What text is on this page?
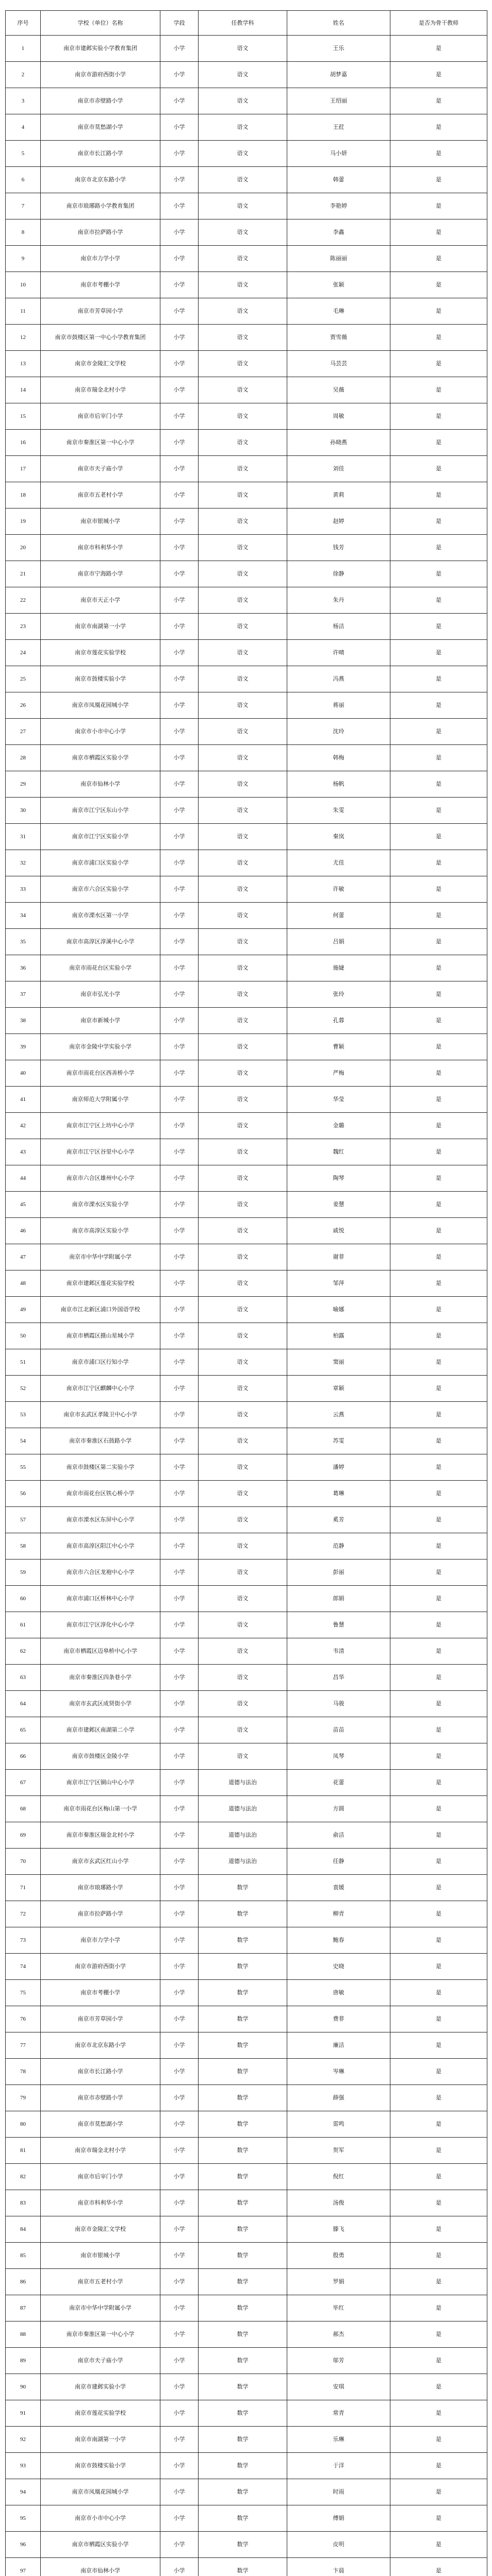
序号	学校（单位）名称	学段	任教学科	姓名	是否为骨干教师
1	南京市建邺实验小学教育集团	小学	语文	王乐	是
2	南京市游府西街小学	小学	语文	胡梦嘉	是
3	南京市赤壁路小学	小学	语文	王绍丽	是
4	南京市莫愁湖小学	小学	语文	王荭	是
5	南京市长江路小学	小学	语文	马小妍	是
6	南京市北京东路小学	小学	语文	韩蕾	是
7	南京市琅琊路小学教育集团	小学	语文	李艳婷	是
8	南京市拉萨路小学	小学	语文	李鑫	是
9	南京市力学小学	小学	语文	陈丽丽	是
10	南京市考棚小学	小学	语文	张颖	是
11	南京市芳草园小学	小学	语文	毛琳	是
12	南京市鼓楼区第一中心小学教育集团	小学	语文	贾雪薇	是
13	南京市金陵汇文学校	小学	语文	马芸芸	是
14	南京市瑞金北村小学	小学	语文	吴薇	是
15	南京市后宰门小学	小学	语文	周敏	是
16	南京市秦淮区第一中心小学	小学	语文	孙晓燕	是
17	南京市夫子庙小学	小学	语文	刘佳	是
18	南京市五老村小学	小学	语文	黄莉	是
19	南京市银城小学	小学	语文	赵婷	是
20	南京市科利华小学	小学	语文	钱芳	是
21	南京市宁海路小学	小学	语文	徐静	是
22	南京市天正小学	小学	语文	朱丹	是
23	南京市南湖第一小学	小学	语文	杨洁	是
24	南京市莲花实验学校	小学	语文	许晴	是
25	南京市鼓楼实验小学	小学	语文	冯燕	是
26	南京市凤凰花园城小学	小学	语文	蒋丽	是
27	南京市小市中心小学	小学	语文	沈玲	是
28	南京市栖霞区实验小学	小学	语文	韩梅	是
29	南京市仙林小学	小学	语文	杨帆	是
30	南京市江宁区东山小学	小学	语文	朱雯	是
31	南京市江宁区实验小学	小学	语文	秦岚	是
32	南京市浦口区实验小学	小学	语文	尤佳	是
33	南京市六合区实验小学	小学	语文	许敏	是
34	南京市溧水区第一小学	小学	语文	何蕾	是
35	南京市高淳区淳溪中心小学	小学	语文	吕娟	是
36	南京市雨花台区实验小学	小学	语文	施婕	是
37	南京市弘光小学	小学	语文	张玲	是
38	南京市新城小学	小学	语文	孔蓉	是
39	南京市金陵中学实验小学	小学	语文	曹颖	是
40	南京市雨花台区西善桥小学	小学	语文	严梅	是
41	南京师范大学附属小学	小学	语文	华莹	是
42	南京市江宁区上坊中心小学	小学	语文	金璐	是
43	南京市江宁区谷里中心小学	小学	语文	魏红	是
44	南京市六合区雄州中心小学	小学	语文	陶琴	是
45	南京市溧水区实验小学	小学	语文	姜慧	是
46	南京市高淳区实验小学	小学	语文	戚悦	是
47	南京市中华中学附属小学	小学	语文	谢菲	是
48	南京市建邺区莲花实验学校	小学	语文	邹萍	是
49	南京市江北新区浦口外国语学校	小学	语文	喻娜	是
50	南京市栖霞区摄山星城小学	小学	语文	柏露	是
51	南京市浦口区行知小学	小学	语文	窦丽	是
52	南京市江宁区麒麟中心小学	小学	语文	章颖	是
53	南京市玄武区孝陵卫中心小学	小学	语文	云燕	是
54	南京市秦淮区石鼓路小学	小学	语文	苏雯	是
55	南京市鼓楼区第二实验小学	小学	语文	潘婷	是
56	南京市雨花台区铁心桥小学	小学	语文	葛琳	是
57	南京市溧水区东屏中心小学	小学	语文	奚芳	是
58	南京市高淳区阳江中心小学	小学	语文	范静	是
59	南京市六合区龙袍中心小学	小学	语文	彭丽	是
60	南京市浦口区桥林中心小学	小学	语文	郎娟	是
61	南京市江宁区淳化中心小学	小学	语文	鲁慧	是
62	南京市栖霞区迈皋桥中心小学	小学	语文	韦清	是
63	南京市秦淮区四条巷小学	小学	语文	昌华	是
64	南京市玄武区成贤街小学	小学	语文	马骏	是
65	南京市建邺区南湖第二小学	小学	语文	苗苗	是
66	南京市鼓楼区金陵小学	小学	语文	凤琴	是
67	南京市江宁区铜山中心小学	小学	道德与法治	花蕾	是
68	南京市雨花台区梅山第一小学	小学	道德与法治	方圆	是
69	南京市秦淮区瑞金北村小学	小学	道德与法治	俞洁	是
70	南京市玄武区红山小学	小学	道德与法治	任静	是
71	南京市琅琊路小学	小学	数学	袁媛	是
72	南京市拉萨路小学	小学	数学	柳青	是
73	南京市力学小学	小学	数学	鲍春	是
74	南京市游府西街小学	小学	数学	史晓	是
75	南京市考棚小学	小学	数学	唐敏	是
76	南京市芳草园小学	小学	数学	费菲	是
77	南京市北京东路小学	小学	数学	廉洁	是
78	南京市长江路小学	小学	数学	岑琳	是
79	南京市赤壁路小学	小学	数学	薛强	是
80	南京市莫愁湖小学	小学	数学	雷鸣	是
81	南京市瑞金北村小学	小学	数学	贺军	是
82	南京市后宰门小学	小学	数学	倪红	是
83	南京市科利华小学	小学	数学	汤俊	是
84	南京市金陵汇文学校	小学	数学	滕飞	是
85	南京市银城小学	小学	数学	殷勇	是
86	南京市五老村小学	小学	数学	罗娟	是
87	南京市中华中学附属小学	小学	数学	毕红	是
88	南京市秦淮区第一中心小学	小学	数学	郝杰	是
89	南京市夫子庙小学	小学	数学	邬芳	是
90	南京市建邺实验小学	小学	数学	安琪	是
91	南京市莲花实验学校	小学	数学	常青	是
92	南京市南湖第一小学	小学	数学	乐琳	是
93	南京市鼓楼实验小学	小学	数学	于洋	是
94	南京市凤凰花园城小学	小学	数学	时雨	是
95	南京市小市中心小学	小学	数学	傅娟	是
96	南京市栖霞区实验小学	小学	数学	皮明	是
97	南京市仙林小学	小学	数学	卞晨	是
